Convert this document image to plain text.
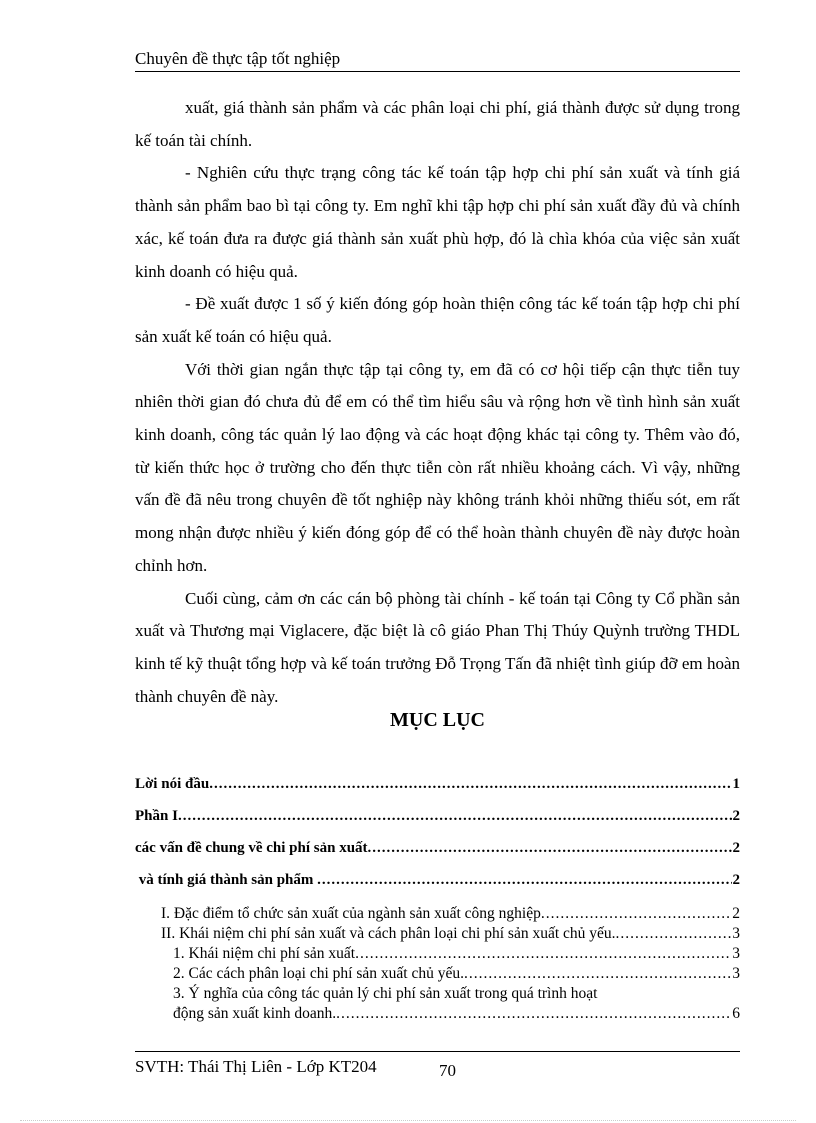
Chuyên đề thực tập tốt nghiệp

xuất, giá thành sản phẩm và các phân loại chi phí, giá thành được sử dụng trong kế toán tài chính.

- Nghiên cứu thực trạng công tác kế toán tập hợp chi phí sản xuất và tính giá thành sản phẩm bao bì tại công ty. Em nghĩ khi tập hợp chi phí sản xuất đầy đủ và chính xác, kế toán đưa ra được giá thành sản xuất phù hợp, đó là chìa khóa của việc sản xuất kinh doanh có hiệu quả.

- Đề xuất được 1 số ý kiến đóng góp hoàn thiện công tác kế toán tập hợp chi phí sản xuất kế toán có hiệu quả.

Với thời gian ngắn thực tập tại công ty, em đã có cơ hội tiếp cận thực tiễn tuy nhiên thời gian đó chưa đủ để em có thể tìm hiểu sâu và rộng hơn về tình hình sản xuất kinh doanh, công tác quản lý lao động và các hoạt động khác tại công ty. Thêm vào đó, từ kiến thức học ở trường cho đến thực tiễn còn rất nhiều khoảng cách. Vì vậy, những vấn đề đã nêu trong chuyên đề tốt nghiệp này không tránh khỏi những thiếu sót, em rất mong nhận được nhiều ý kiến đóng góp để có thể hoàn thành chuyên đề này được hoàn chỉnh hơn.

Cuối cùng, cảm ơn các cán bộ phòng tài chính - kế toán tại Công ty Cổ phần sản xuất và Thương mại Viglacere, đặc biệt là cô giáo Phan Thị Thúy Quỳnh trường THDL kinh tế kỹ thuật tổng hợp và kế toán trưởng Đỗ Trọng Tấn đã nhiệt tình giúp đỡ em hoàn thành chuyên đề này.

MỤC LỤC
Lời nói đầu .....	1
Phần I .....	2
các vấn đề chung về chi phí sản xuất .....	2
và tính giá thành sản phẩm .....	2
I. Đặc điểm tổ chức sản xuất của ngành sản xuất công nghiệp .....	2
II. Khái niệm chi phí sản xuất và cách phân loại chi phí sản xuất chủ yếu. .....	3
1. Khái niệm chi phí sản xuất .....	3
2. Các cách phân loại chi phí sản xuất chủ yếu. .....	3
3. Ý nghĩa của công tác quản lý chi phí sản xuất trong quá trình hoạt
động sản xuất kinh doanh. .....	6
SVTH: Thái Thị Liên - Lớp KT204	70
